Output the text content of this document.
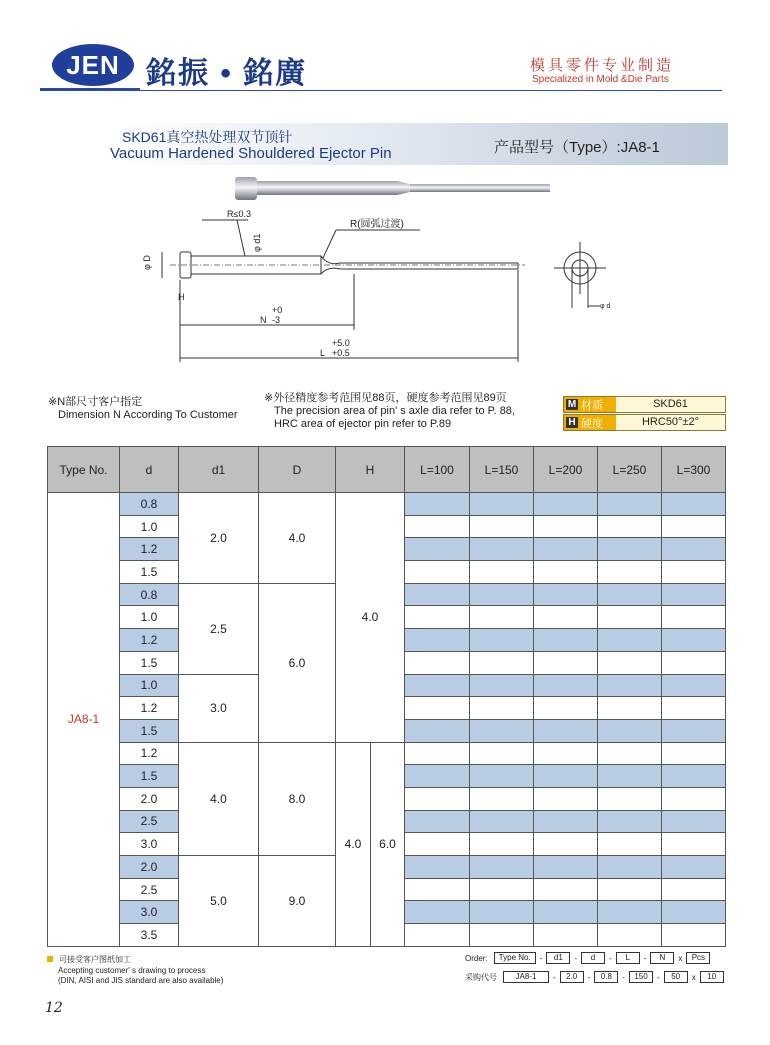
JEN 銘振 • 銘廣	模具零件专业制造
Specialized in Mold &Die Parts
SKD61真空热处理双节顶针
Vacuum Hardened Shouldered Ejector Pin	产品型号（Type）:JA8-1
R≤0.3
R(圆弧过渡)
φ d1
φ D
H
+0
N -3
+5.0
L +0.5
φ d
※N部尺寸客户指定
Dimension N According To Customer
※外径精度参考范围见88页，硬度参考范围见89页
The precision area of pin' s axle dia refer to P. 88,
HRC area of ejector pin refer to P.89
M 材质	SKD61
H 硬度	HRC50°±2°
Type No.	d	d1	D	H		L=100	L=150	L=200	L=250	L=300
JA8-1	0.8	2.0	4.0	4.0						
	1.0									
	1.2									
	1.5									
	0.8	2.5	6.0							
	1.0									
	1.2									
	1.5									
	1.0	3.0								
	1.2									
	1.5									
	1.2	4.0	8.0	4.0	6.0					
	1.5									
	2.0									
	2.5									
	3.0									
	2.0	5.0	9.0							
	2.5									
	3.0									
	3.5									
可接受客户图纸加工
Accepting customer' s drawing to process
(DIN, AISI and JIS standard are also available)
Order:	Type No.	-	d1	-	d	-	L	-	N	x	Pcs
采购代号	JA8-1	-	2.0	-	0.8	-	150	-	50	x	10
12
